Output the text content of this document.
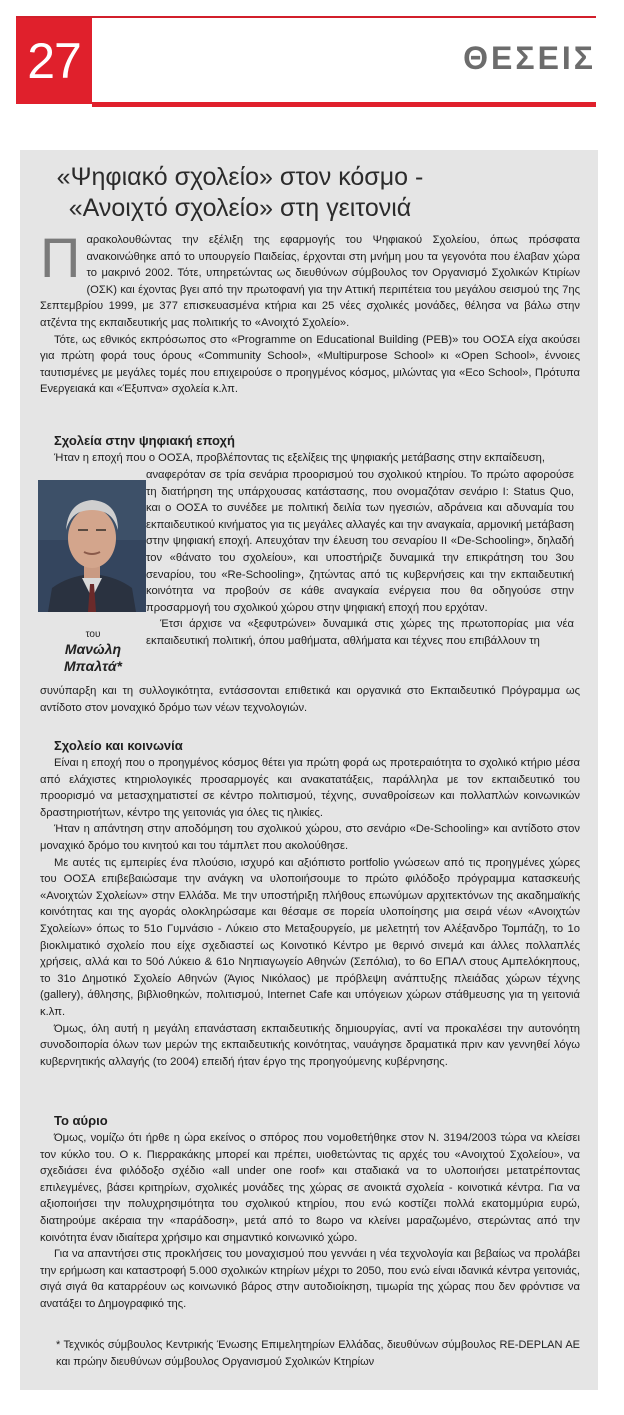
27	ΘΕΣΕΙΣ
«Ψηφιακό σχολείο» στον κόσμο -
«Ανοιχτό σχολείο» στη γειτονιά

Παρακολουθώντας την εξέλιξη της εφαρμογής του Ψηφιακού Σχολείου, όπως πρόσφατα ανακοινώθηκε από το υπουργείο Παιδείας, έρχονται στη μνήμη μου τα γεγονότα που έλαβαν χώρα το μακρινό 2002. Τότε, υπηρετώντας ως διευθύνων σύμβουλος τον Οργανισμό Σχολικών Κτιρίων (ΟΣΚ) και έχοντας βγει από την πρωτοφανή για την Αττική περιπέτεια του μεγάλου σεισμού της 7ης Σεπτεμβρίου 1999, με 377 επισκευασμένα κτήρια και 25 νέες σχολικές μονάδες, θέλησα να βάλω στην ατζέντα της εκπαιδευτικής μας πολιτικής το «Ανοιχτό Σχολείο».

Τότε, ως εθνικός εκπρόσωπος στο «Programme on Educational Building (PEB)» του ΟΟΣΑ είχα ακούσει για πρώτη φορά τους όρους «Community School», «Multipurpose School» κι «Open School», έννοιες ταυτισμένες με μεγάλες τομές που επιχειρούσε ο προηγμένος κόσμος, μιλώντας για «Eco School», Πρότυπα Ενεργειακά και «Έξυπνα» σχολεία κ.λπ.

Σχολεία στην ψηφιακή εποχή

Ήταν η εποχή που ο ΟΟΣΑ, προβλέποντας τις εξελίξεις της ψηφιακής μετάβασης στην εκπαίδευση,

του
Μανώλη
Μπαλτά*

αναφερόταν σε τρία σενάρια προορισμού του σχολικού κτηρίου. Το πρώτο αφορούσε τη διατήρηση της υπάρχουσας κατάστασης, που ονομαζόταν σενάριο Ι: Status Quo, και ο ΟΟΣΑ το συνέδεε με πολιτική δειλία των ηγεσιών, αδράνεια και αδυναμία του εκπαιδευτικού κινήματος για τις μεγάλες αλλαγές και την αναγκαία, αρμονική μετάβαση στην ψηφιακή εποχή. Απευχόταν την έλευση του σεναρίου ΙΙ «De-Schooling», δηλαδή τον «θάνατο του σχολείου», και υποστήριζε δυναμικά την επικράτηση του 3ου σεναρίου, του «Re-Schooling», ζητώντας από τις κυβερνήσεις και την εκπαιδευτική κοινότητα να προβούν σε κάθε αναγκαία ενέργεια που θα οδηγούσε στην προσαρμογή του σχολικού χώρου στην ψηφιακή εποχή που ερχόταν.

Έτσι άρχισε να «ξεφυτρώνει» δυναμικά στις χώρες της πρωτοπορίας μια νέα εκπαιδευτική πολιτική, όπου μαθήματα, αθλήματα και τέχνες που επιβάλλουν τη

συνύπαρξη και τη συλλογικότητα, εντάσσονται επιθετικά και οργανικά στο Εκπαιδευτικό Πρόγραμμα ως αντίδοτο στον μοναχικό δρόμο των νέων τεχνολογιών.

Σχολείο και κοινωνία

Είναι η εποχή που ο προηγμένος κόσμος θέτει για πρώτη φορά ως προτεραιότητα το σχολικό κτήριο μέσα από ελάχιστες κτηριολογικές προσαρμογές και ανακατατάξεις, παράλληλα με τον εκπαιδευτικό του προορισμό να μετασχηματιστεί σε κέντρο πολιτισμού, τέχνης, συναθροίσεων και πολλαπλών κοινωνικών δραστηριοτήτων, κέντρο της γειτονιάς για όλες τις ηλικίες.

Ήταν η απάντηση στην αποδόμηση του σχολικού χώρου, στο σενάριο «De-Schooling» και αντίδοτο στον μοναχικό δρόμο του κινητού και του τάμπλετ που ακολούθησε.

Με αυτές τις εμπειρίες ένα πλούσιο, ισχυρό και αξιόπιστο portfolio γνώσεων από τις προηγμένες χώρες του ΟΟΣΑ επιβεβαιώσαμε την ανάγκη να υλοποιήσουμε το πρώτο φιλόδοξο πρόγραμμα κατασκευής «Ανοιχτών Σχολείων» στην Ελλάδα. Με την υποστήριξη πλήθους επωνύμων αρχιτεκτόνων της ακαδημαϊκής κοινότητας και της αγοράς ολοκληρώσαμε και θέσαμε σε πορεία υλοποίησης μια σειρά νέων «Ανοιχτών Σχολείων» όπως το 51ο Γυμνάσιο - Λύκειο στο Μεταξουργείο, με μελετητή τον Αλέξανδρο Τομπάζη, το 1ο βιοκλιματικό σχολείο που είχε σχεδιαστεί ως Κοινοτικό Κέντρο με θερινό σινεμά και άλλες πολλαπλές χρήσεις, αλλά και το 50ό Λύκειο & 61ο Νηπιαγωγείο Αθηνών (Σεπόλια), το 6ο ΕΠΑΛ στους Αμπελόκηπους, το 31ο Δημοτικό Σχολείο Αθηνών (Άγιος Νικόλαος) με πρόβλεψη ανάπτυξης πλειάδας χώρων τέχνης (gallery), άθλησης, βιβλιοθηκών, πολιτισμού, Internet Cafe και υπόγειων χώρων στάθμευσης για τη γειτονιά κ.λπ.

Όμως, όλη αυτή η μεγάλη επανάσταση εκπαιδευτικής δημιουργίας, αντί να προκαλέσει την αυτονόητη συνοδοιπορία όλων των μερών της εκπαιδευτικής κοινότητας, ναυάγησε δραματικά πριν καν γεννηθεί λόγω κυβερνητικής αλλαγής (το 2004) επειδή ήταν έργο της προηγούμενης κυβέρνησης.

Το αύριο

Όμως, νομίζω ότι ήρθε η ώρα εκείνος ο σπόρος που νομοθετήθηκε στον Ν. 3194/2003 τώρα να κλείσει τον κύκλο του. Ο κ. Πιερρακάκης μπορεί και πρέπει, υιοθετώντας τις αρχές του «Ανοιχτού Σχολείου», να σχεδιάσει ένα φιλόδοξο σχέδιο «all under one roof» και σταδιακά να το υλοποιήσει μετατρέποντας επιλεγμένες, βάσει κριτηρίων, σχολικές μονάδες της χώρας σε ανοικτά σχολεία - κοινοτικά κέντρα. Για να αξιοποιήσει την πολυχρησιμότητα του σχολικού κτηρίου, που ενώ κοστίζει πολλά εκατομμύρια ευρώ, διατηρούμε ακέραια την «παράδοση», μετά από το 8ωρο να κλείνει μαραζωμένο, στερώντας από την κοινότητα έναν ιδιαίτερα χρήσιμο και σημαντικό κοινωνικό χώρο.

Για να απαντήσει στις προκλήσεις του μοναχισμού που γεννάει η νέα τεχνολογία και βεβαίως να προλάβει την ερήμωση και καταστροφή 5.000 σχολικών κτηρίων μέχρι το 2050, που ενώ είναι ιδανικά κέντρα γειτονιάς, σιγά σιγά θα καταρρέουν ως κοινωνικό βάρος στην αυτοδιοίκηση, τιμωρία της χώρας που δεν φρόντισε να ανατάξει το Δημογραφικό της.

* Τεχνικός σύμβουλος Κεντρικής Ένωσης Επιμελητηρίων Ελλάδας, διευθύνων σύμβουλος RE-DEPLAN AE και πρώην διευθύνων σύμβουλος Οργανισμού Σχολικών Κτηρίων
